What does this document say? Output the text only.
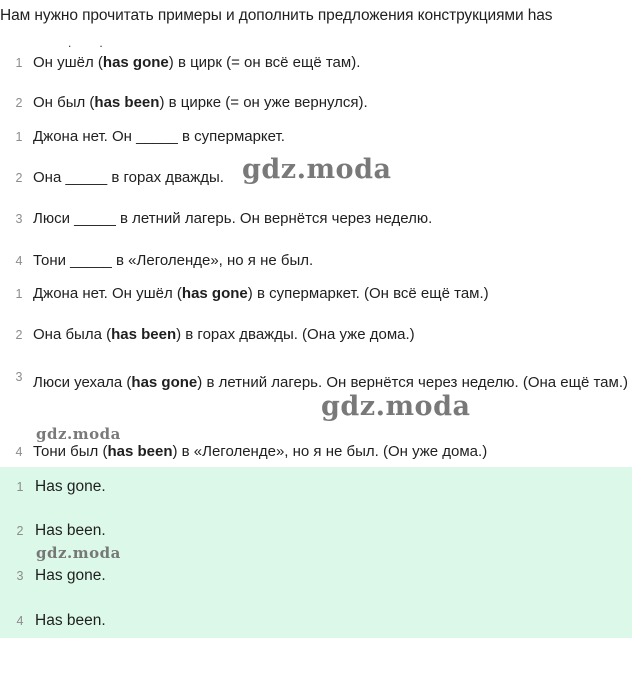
Нам нужно прочитать примеры и дополнить предложения конструкциями has
..
1 Он ушёл (has gone) в цирк (= он всё ещё там).
2 Он был (has been) в цирке (= он уже вернулся).
1 Джона нет. Он _____ в супермаркет.
2 Она _____ в горах дважды.
3 Люси _____ в летний лагерь. Он вернётся через неделю.
4 Тони _____ в «Леголенде», но я не был.
1 Джона нет. Он ушёл (has gone) в супермаркет. (Он всё ещё там.)
2 Она была (has been) в горах дважды. (Она уже дома.)
3 Люси уехала (has gone) в летний лагерь. Он вернётся через неделю. (Она ещё там.)
4 Тони был (has been) в «Леголенде», но я не был. (Он уже дома.)
1 Has gone.
2 Has been.
3 Has gone.
4 Has been.
gdz.moda
gdz.moda
gdz.moda
gdz.moda
